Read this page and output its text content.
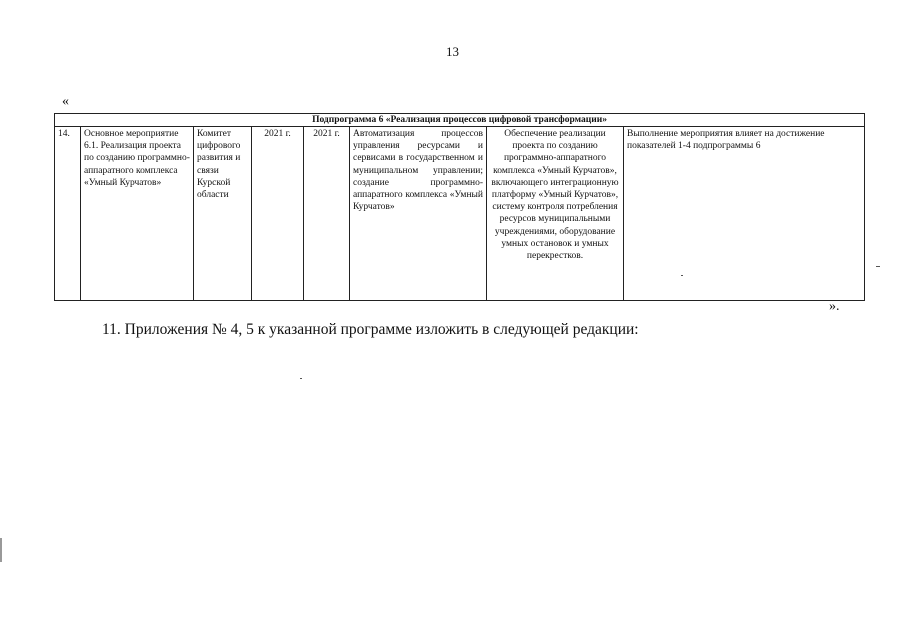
13
«
Подпрограмма 6 «Реализация процессов цифровой трансформации»
14.	Основное мероприятие 6.1. Реализация проекта по созданию программно-аппаратного комплекса «Умный Курчатов»	Комитет цифрового развития и связи Курской области	2021 г.	2021 г.	Автоматизация процессов управления ресурсами и сервисами в государственном и муниципальном управлении; создание программно-аппаратного комплекса «Умный Курчатов»	Обеспечение реализации проекта по созданию программно-аппаратного комплекса «Умный Курчатов», включающего интеграционную платформу «Умный Курчатов», систему контроля потребления ресурсов муниципальными учреждениями, оборудование умных остановок и умных перекрестков.	Выполнение мероприятия влияет на достижение показателей 1-4 подпрограммы 6
».
11. Приложения № 4, 5 к указанной программе изложить в следующей редакции:
